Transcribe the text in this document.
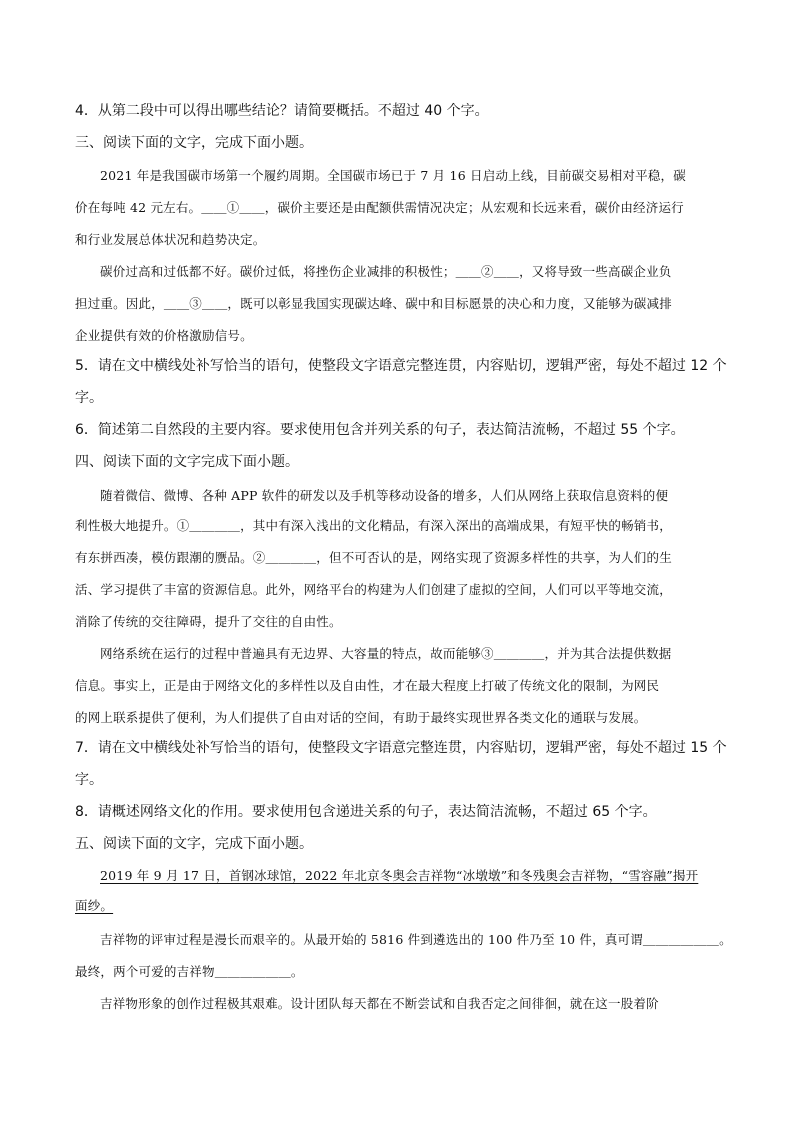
4．从第二段中可以得出哪些结论？请简要概括。不超过 40 个字。
三、阅读下面的文字，完成下面小题。
2021 年是我国碳市场第一个履约周期。全国碳市场已于 7 月 16 日启动上线，目前碳交易相对平稳，碳
价在每吨 42 元左右。＿＿①＿＿，碳价主要还是由配额供需情况决定；从宏观和长远来看，碳价由经济运行
和行业发展总体状况和趋势决定。
碳价过高和过低都不好。碳价过低，将挫伤企业减排的积极性；＿＿②＿＿，又将导致一些高碳企业负
担过重。因此，＿＿③＿＿，既可以彰显我国实现碳达峰、碳中和目标愿景的决心和力度，又能够为碳减排
企业提供有效的价格激励信号。
5．请在文中横线处补写恰当的语句，使整段文字语意完整连贯，内容贴切，逻辑严密，每处不超过 12 个
字。
6．简述第二自然段的主要内容。要求使用包含并列关系的句子，表达简洁流畅，不超过 55 个字。
四、阅读下面的文字完成下面小题。
随着微信、微博、各种 APP 软件的研发以及手机等移动设备的增多，人们从网络上获取信息资料的便
利性极大地提升。①＿＿＿＿，其中有深入浅出的文化精品，有深入深出的高端成果，有短平快的畅销书，
有东拼西凑，模仿跟潮的赝品。②＿＿＿＿，但不可否认的是，网络实现了资源多样性的共享，为人们的生
活、学习提供了丰富的资源信息。此外，网络平台的构建为人们创建了虚拟的空间，人们可以平等地交流，
消除了传统的交往障碍，提升了交往的自由性。
网络系统在运行的过程中普遍具有无边界、大容量的特点，故而能够③＿＿＿＿，并为其合法提供数据
信息。事实上，正是由于网络文化的多样性以及自由性，才在最大程度上打破了传统文化的限制，为网民
的网上联系提供了便利，为人们提供了自由对话的空间，有助于最终实现世界各类文化的通联与发展。
7．请在文中横线处补写恰当的语句，使整段文字语意完整连贯，内容贴切，逻辑严密，每处不超过 15 个
字。
8．请概述网络文化的作用。要求使用包含递进关系的句子，表达简洁流畅，不超过 65 个字。
五、阅读下面的文字，完成下面小题。
2019 年 9 月 17 日，首钢冰球馆，2022 年北京冬奥会吉祥物“冰墩墩”和冬残奥会吉祥物，“雪容融”揭开
面纱。
吉祥物的评审过程是漫长而艰辛的。从最开始的 5816 件到遴选出的 100 件乃至 10 件，真可谓＿＿＿＿＿＿。
最终，两个可爱的吉祥物＿＿＿＿＿＿。
吉祥物形象的创作过程极其艰难。设计团队每天都在不断尝试和自我否定之间徘徊，就在这一股着阶
